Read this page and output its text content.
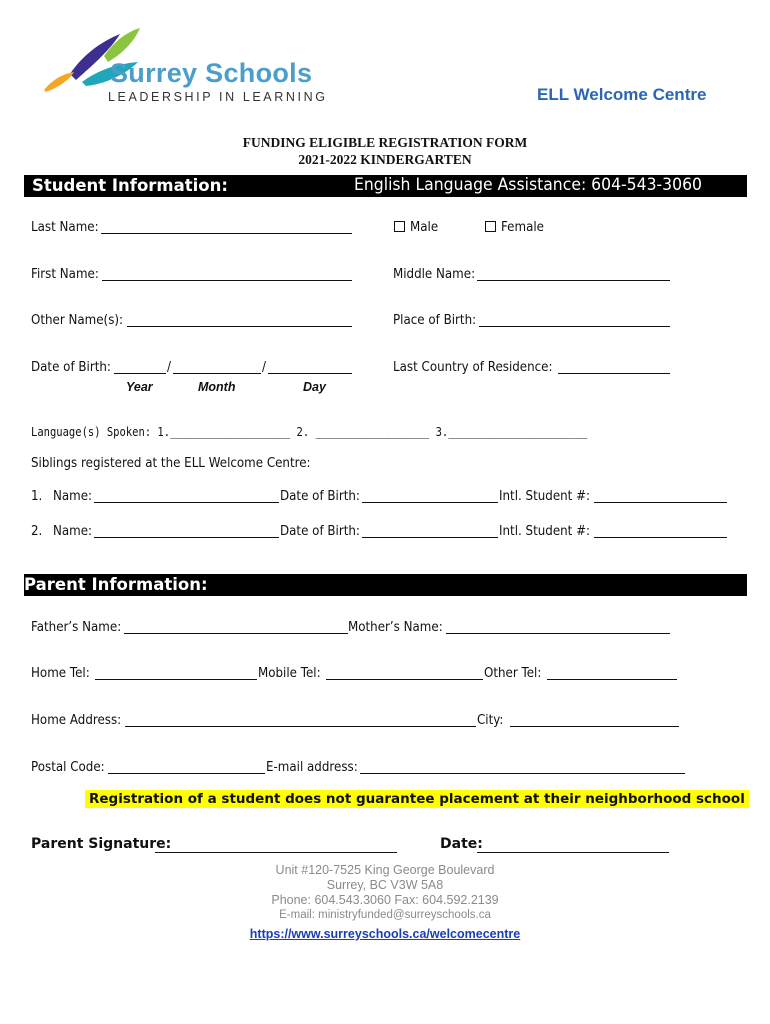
Surrey Schools
LEADERSHIP IN LEARNING	ELL Welcome Centre
FUNDING ELIGIBLE REGISTRATION FORM
2021-2022 KINDERGARTEN
Student Information:	English Language Assistance: 604-543-3060
Last Name:	Male	Female
First Name:	Middle Name:
Other Name(s):	Place of Birth:
Date of Birth:	/	/
Year	Month	Day
Last Country of Residence:
Language(s) Spoken: 1.___________________ 2. __________________ 3.______________________
Siblings registered at the ELL Welcome Centre:
1. Name:	Date of Birth:	Intl. Student #:
2. Name:	Date of Birth:	Intl. Student #:
Parent Information:
Father’s Name:	Mother’s Name:
Home Tel:	Mobile Tel:	Other Tel:
Home Address:	City:
Postal Code:	E-mail address:
Registration of a student does not guarantee placement at their neighborhood school
Parent Signature:	Date:
Unit #120-7525 King George Boulevard
Surrey, BC V3W 5A8
Phone: 604.543.3060 Fax: 604.592.2139
E-mail: ministryfunded@surreyschools.ca
https://www.surreyschools.ca/welcomecentre
